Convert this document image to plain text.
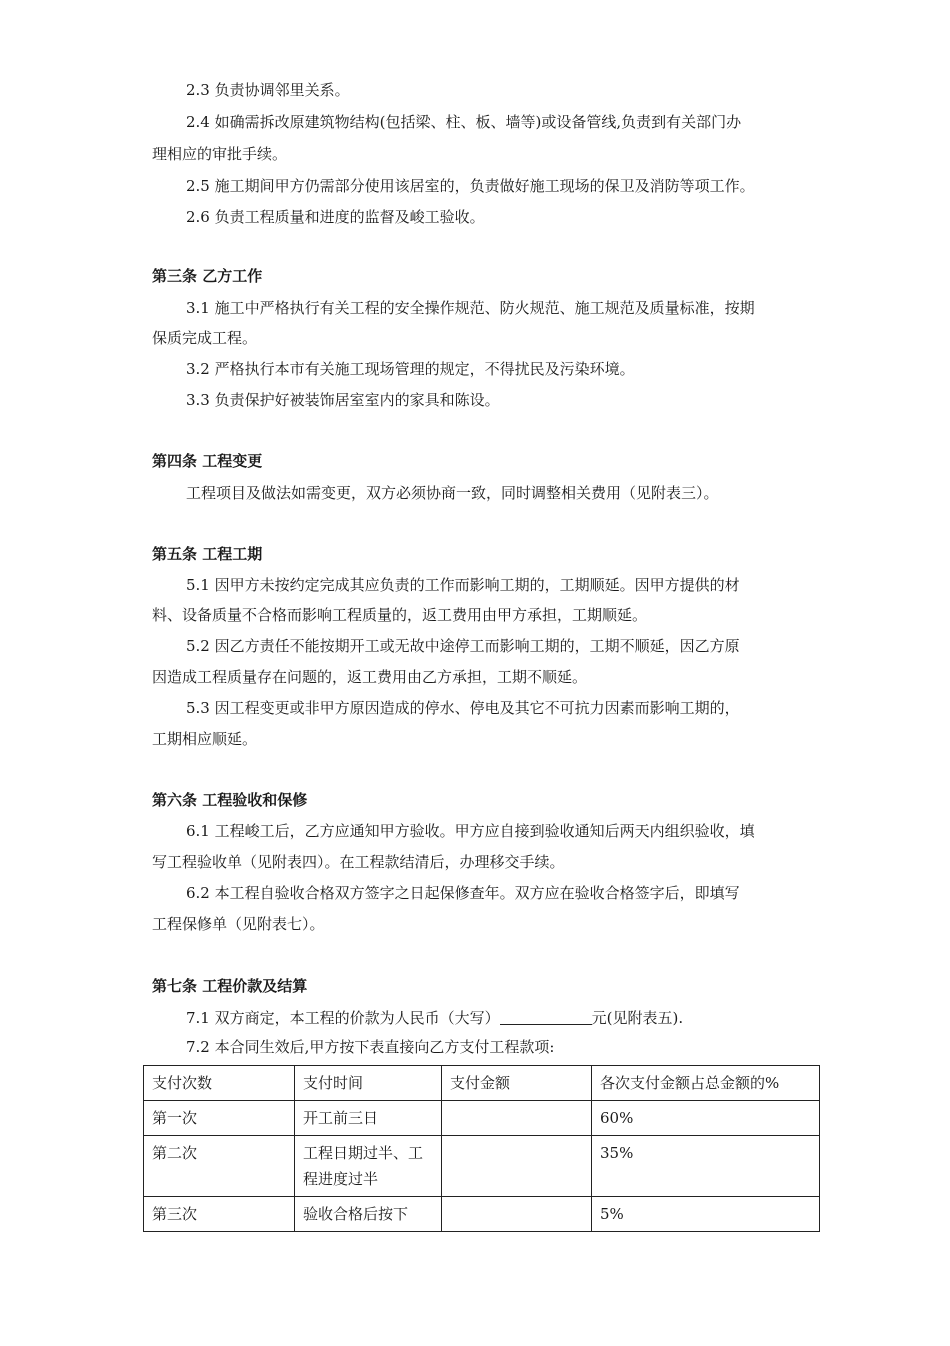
2.3 负责协调邻里关系。
2.4 如确需拆改原建筑物结构(包括梁、柱、板、墙等)或设备管线,负责到有关部门办
理相应的审批手续。
2.5 施工期间甲方仍需部分使用该居室的，负责做好施工现场的保卫及消防等项工作。
2.6 负责工程质量和进度的监督及峻工验收。
第三条 乙方工作
3.1 施工中严格执行有关工程的安全操作规范、防火规范、施工规范及质量标准，按期
保质完成工程。
3.2 严格执行本市有关施工现场管理的规定，不得扰民及污染环境。
3.3 负责保护好被装饰居室室内的家具和陈设。
第四条 工程变更
工程项目及做法如需变更，双方必须协商一致，同时调整相关费用（见附表三）。
第五条 工程工期
5.1 因甲方未按约定完成其应负责的工作而影响工期的，工期顺延。因甲方提供的材
料、设备质量不合格而影响工程质量的，返工费用由甲方承担，工期顺延。
5.2 因乙方责任不能按期开工或无故中途停工而影响工期的，工期不顺延，因乙方原
因造成工程质量存在问题的，返工费用由乙方承担，工期不顺延。
5.3 因工程变更或非甲方原因造成的停水、停电及其它不可抗力因素而影响工期的，
工期相应顺延。
第六条 工程验收和保修
6.1 工程峻工后，乙方应通知甲方验收。甲方应自接到验收通知后两天内组织验收，填
写工程验收单（见附表四）。在工程款结清后，办理移交手续。
6.2 本工程自验收合格双方签字之日起保修查年。双方应在验收合格签字后，即填写
工程保修单（见附表七）。
第七条 工程价款及结算
7.1 双方商定，本工程的价款为人民币（大写）	元(见附表五).
7.2 本合同生效后,甲方按下表直接向乙方支付工程款项:
支付次数	支付时间	支付金额	各次支付金额占总金额的%
第一次	开工前三日		60%
第二次	工程日期过半、工程进度过半		35%
第三次	验收合格后按下		5%
